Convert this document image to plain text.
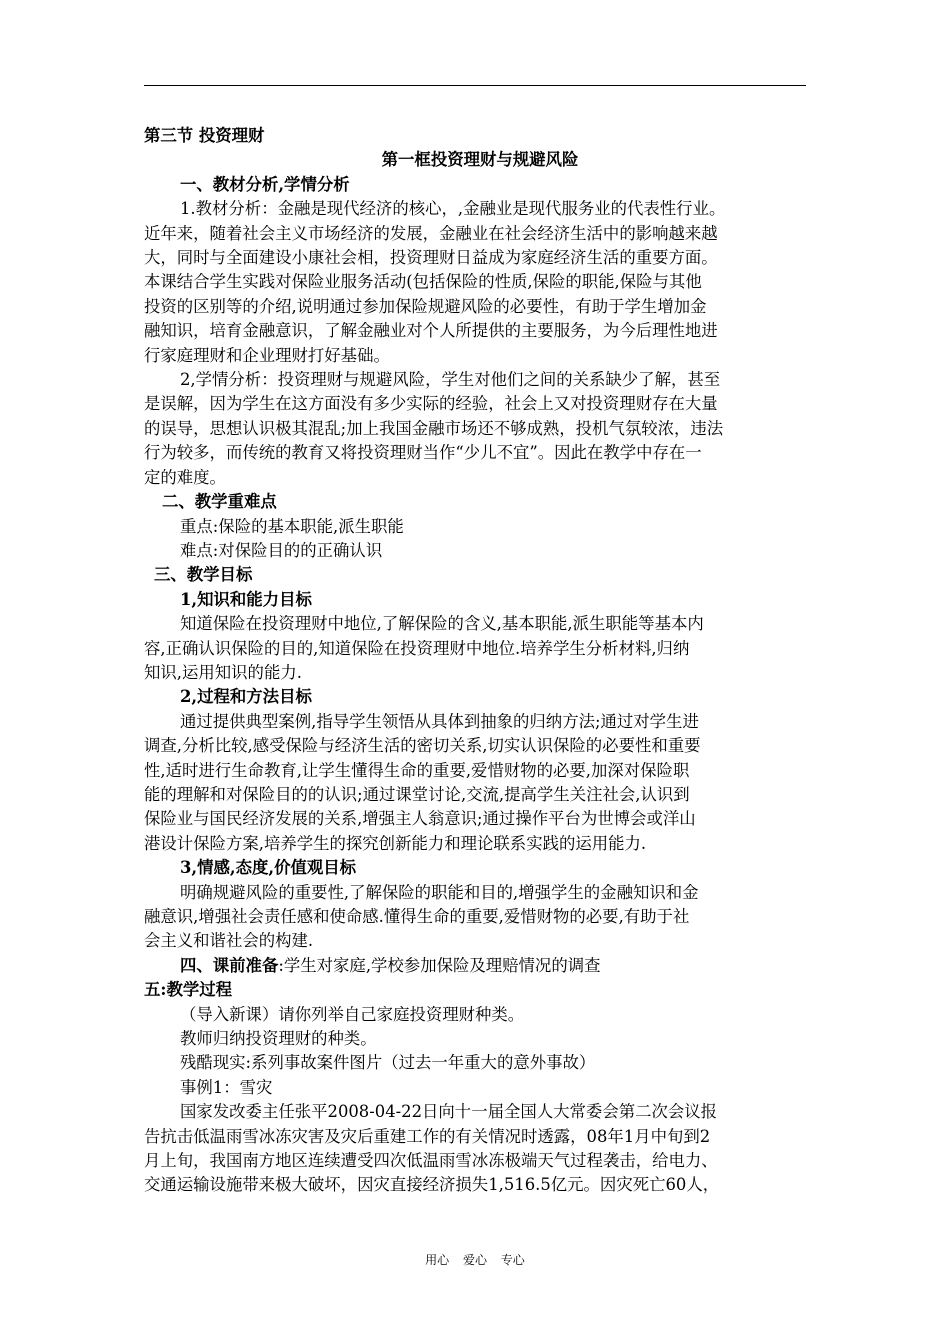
第三节 投资理财

第一框投资理财与规避风险

一、教材分析,学情分析

1.教材分析：金融是现代经济的核心，,金融业是现代服务业的代表性行业。

近年来，随着社会主义市场经济的发展，金融业在社会经济生活中的影响越来越

大，同时与全面建设小康社会相，投资理财日益成为家庭经济生活的重要方面。

本课结合学生实践对保险业服务活动(包括保险的性质,保险的职能,保险与其他

投资的区别等的介绍,说明通过参加保险规避风险的必要性，有助于学生增加金

融知识，培育金融意识，了解金融业对个人所提供的主要服务，为今后理性地进

行家庭理财和企业理财打好基础。

2,学情分析：投资理财与规避风险，学生对他们之间的关系缺少了解，甚至

是误解，因为学生在这方面没有多少实际的经验，社会上又对投资理财存在大量

的误导，思想认识极其混乱;加上我国金融市场还不够成熟，投机气氛较浓，违法

行为较多，而传统的教育又将投资理财当作“少儿不宜”。因此在教学中存在一

定的难度。

二、教学重难点

重点:保险的基本职能,派生职能

难点:对保险目的的正确认识

三、教学目标

1,知识和能力目标

知道保险在投资理财中地位,了解保险的含义,基本职能,派生职能等基本内

容,正确认识保险的目的,知道保险在投资理财中地位.培养学生分析材料,归纳

知识,运用知识的能力.

2,过程和方法目标

通过提供典型案例,指导学生领悟从具体到抽象的归纳方法;通过对学生进

调查,分析比较,感受保险与经济生活的密切关系,切实认识保险的必要性和重要

性,适时进行生命教育,让学生懂得生命的重要,爱惜财物的必要,加深对保险职

能的理解和对保险目的的认识;通过课堂讨论,交流,提高学生关注社会,认识到

保险业与国民经济发展的关系,增强主人翁意识;通过操作平台为世博会或洋山

港设计保险方案,培养学生的探究创新能力和理论联系实践的运用能力.

3,情感,态度,价值观目标

明确规避风险的重要性,了解保险的职能和目的,增强学生的金融知识和金

融意识,增强社会责任感和使命感.懂得生命的重要,爱惜财物的必要,有助于社

会主义和谐社会的构建.

四、课前准备:学生对家庭,学校参加保险及理赔情况的调查

五:教学过程

（导入新课）请你列举自己家庭投资理财种类。

教师归纳投资理财的种类。

残酷现实:系列事故案件图片（过去一年重大的意外事故）

事例1：雪灾

国家发改委主任张平2008-04-22日向十一届全国人大常委会第二次会议报

告抗击低温雨雪冰冻灾害及灾后重建工作的有关情况时透露，08年1月中旬到2

月上旬，我国南方地区连续遭受四次低温雨雪冰冻极端天气过程袭击，给电力、

交通运输设施带来极大破坏，因灾直接经济损失1,516.5亿元。因灾死亡60人，

用心 爱心 专心
